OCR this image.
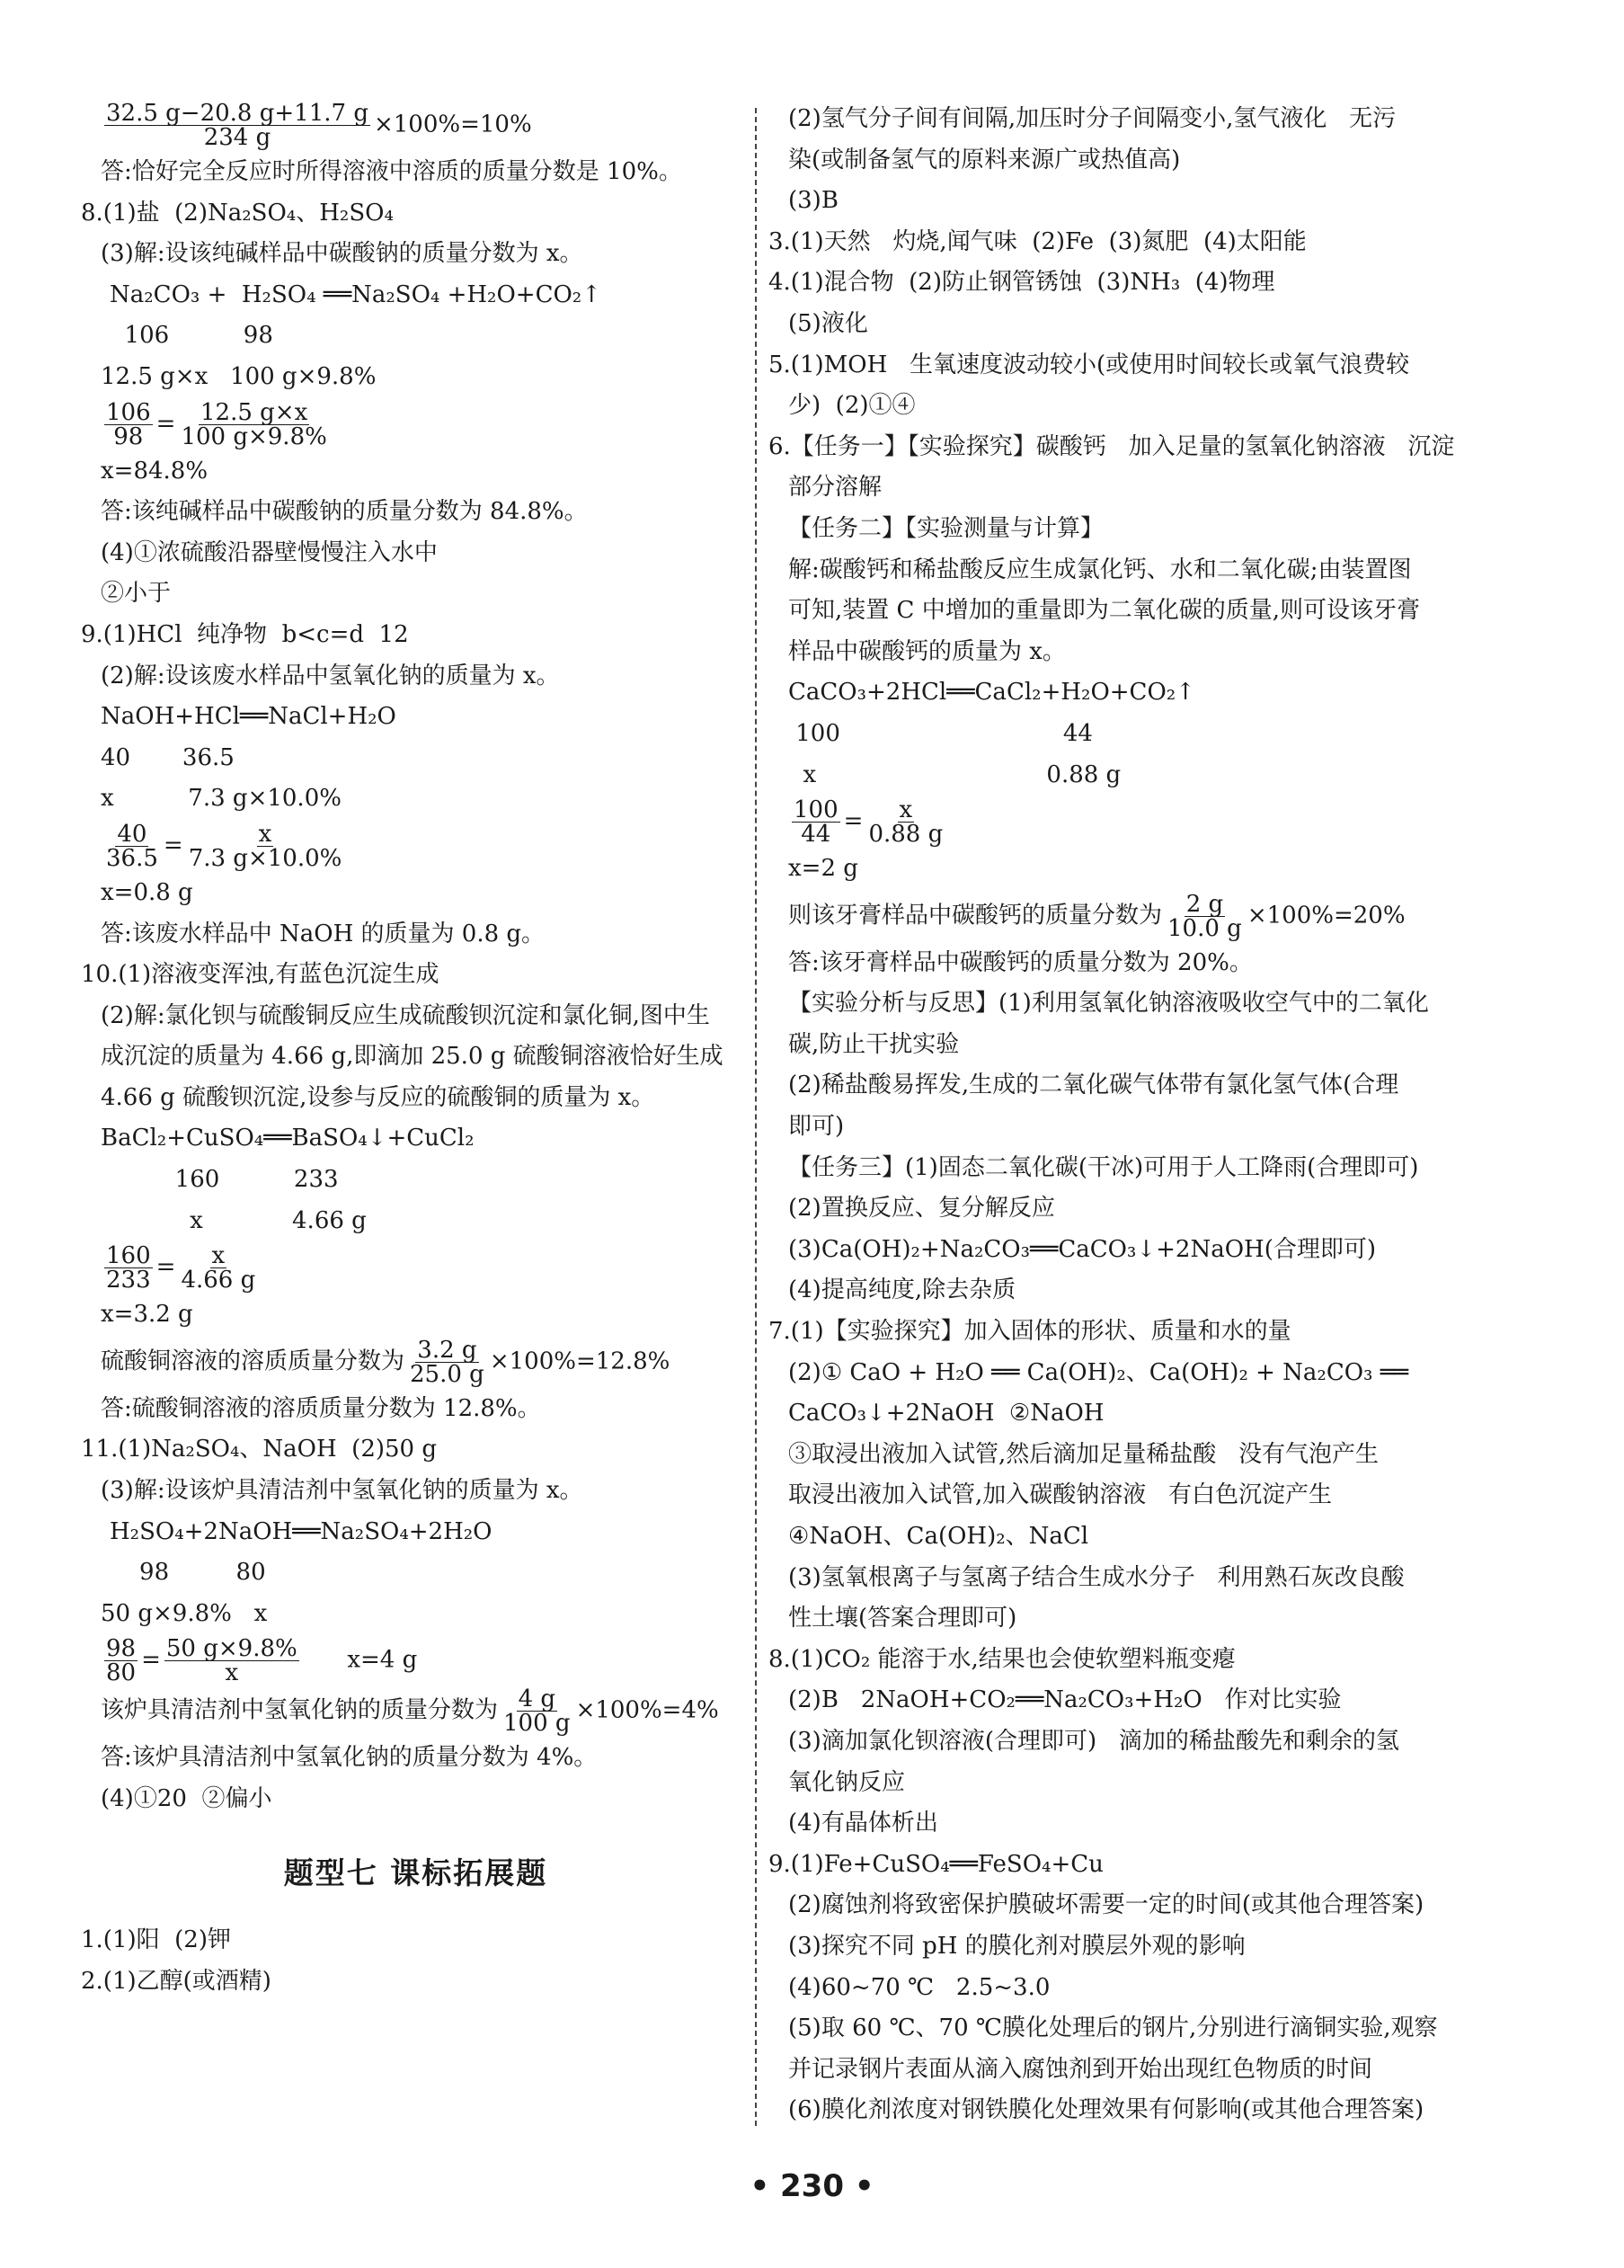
$\frac{32.5 g-20.8 g+11.7 g}{234 g} \times 100\%=10\%$
答:恰好完全反应时所得溶液中溶质的质量分数是 10%。
8.(1)盐  (2)Na₂SO₄、H₂SO₄
(3)解:设该纯碱样品中碳酸钠的质量分数为 x。
Na₂CO₃ +  H₂SO₄ ══Na₂SO₄ +H₂O+CO₂↑
106          98
12.5 g×x   100 g×9.8%
$\frac{106}{98} = \frac{12.5 g\times x}{100 g\times 9.8\%}$
x=84.8%
答:该纯碱样品中碳酸钠的质量分数为 84.8%。
(4)①浓硫酸沿器壁慢慢注入水中
②小于
9.(1)HCl  纯净物  b<c=d  12
(2)解:设该废水样品中氢氧化钠的质量为 x。
NaOH+HCl══NaCl+H₂O
40       36.5
x          7.3 g×10.0%
$\frac{40}{36.5} = \frac{x}{7.3 g\times 10.0\%}$
x=0.8 g
答:该废水样品中 NaOH 的质量为 0.8 g。
10.(1)溶液变浑浊,有蓝色沉淀生成
(2)解:氯化钡与硫酸铜反应生成硫酸钡沉淀和氯化铜,图中生
成沉淀的质量为 4.66 g,即滴加 25.0 g 硫酸铜溶液恰好生成
4.66 g 硫酸钡沉淀,设参与反应的硫酸铜的质量为 x。
BaCl₂+CuSO₄══BaSO₄↓+CuCl₂
160          233
x            4.66 g
$\frac{160}{233} = \frac{x}{4.66 g}$
x=3.2 g
硫酸铜溶液的溶质质量分数为 $\frac{3.2 g}{25.0 g} \times 100\%=12.8\%$
答:硫酸铜溶液的溶质质量分数为 12.8%。
11.(1)Na₂SO₄、NaOH  (2)50 g
(3)解:设该炉具清洁剂中氢氧化钠的质量为 x。
H₂SO₄+2NaOH══Na₂SO₄+2H₂O
98         80
50 g×9.8%   x
$\frac{98}{80} = \frac{50 g\times 9.8\%}{x} x=4$ g
该炉具清洁剂中氢氧化钠的质量分数为 $\frac{4 g}{100 g} \times 100\%=4\%$
答:该炉具清洁剂中氢氧化钠的质量分数为 4%。
(4)①20  ②偏小
题型七 课标拓展题
1.(1)阳  (2)钾
2.(1)乙醇(或酒精)
(2)氢气分子间有间隔,加压时分子间隔变小,氢气液化   无污
染(或制备氢气的原料来源广或热值高)
(3)B
3.(1)天然   灼烧,闻气味  (2)Fe  (3)氮肥  (4)太阳能
4.(1)混合物  (2)防止钢管锈蚀  (3)NH₃  (4)物理
(5)液化
5.(1)MOH   生氧速度波动较小(或使用时间较长或氧气浪费较
少)  (2)①④
6.【任务一】【实验探究】碳酸钙   加入足量的氢氧化钠溶液   沉淀
部分溶解
【任务二】【实验测量与计算】
解:碳酸钙和稀盐酸反应生成氯化钙、水和二氧化碳;由装置图
可知,装置 C 中增加的重量即为二氧化碳的质量,则可设该牙膏
样品中碳酸钙的质量为 x。
CaCO₃+2HCl══CaCl₂+H₂O+CO₂↑
100                              44
x                               0.88 g
$\frac{100}{44} = \frac{x}{0.88 g}$
x=2 g
则该牙膏样品中碳酸钙的质量分数为 $\frac{2 g}{10.0 g} \times 100\%=20\%$
答:该牙膏样品中碳酸钙的质量分数为 20%。
【实验分析与反思】(1)利用氢氧化钠溶液吸收空气中的二氧化
碳,防止干扰实验
(2)稀盐酸易挥发,生成的二氧化碳气体带有氯化氢气体(合理
即可)
【任务三】(1)固态二氧化碳(干冰)可用于人工降雨(合理即可)
(2)置换反应、复分解反应
(3)Ca(OH)₂+Na₂CO₃══CaCO₃↓+2NaOH(合理即可)
(4)提高纯度,除去杂质
7.(1)【实验探究】加入固体的形状、质量和水的量
(2)① CaO + H₂O ══ Ca(OH)₂、Ca(OH)₂ + Na₂CO₃ ══
CaCO₃↓+2NaOH  ②NaOH
③取浸出液加入试管,然后滴加足量稀盐酸   没有气泡产生
取浸出液加入试管,加入碳酸钠溶液   有白色沉淀产生
④NaOH、Ca(OH)₂、NaCl
(3)氢氧根离子与氢离子结合生成水分子   利用熟石灰改良酸
性土壤(答案合理即可)
8.(1)CO₂ 能溶于水,结果也会使软塑料瓶变瘪
(2)B   2NaOH+CO₂══Na₂CO₃+H₂O   作对比实验
(3)滴加氯化钡溶液(合理即可)   滴加的稀盐酸先和剩余的氢
氧化钠反应
(4)有晶体析出
9.(1)Fe+CuSO₄══FeSO₄+Cu
(2)腐蚀剂将致密保护膜破坏需要一定的时间(或其他合理答案)
(3)探究不同 pH 的膜化剂对膜层外观的影响
(4)60~70 ℃   2.5~3.0
(5)取 60 ℃、70 ℃膜化处理后的钢片,分别进行滴铜实验,观察
并记录钢片表面从滴入腐蚀剂到开始出现红色物质的时间
(6)膜化剂浓度对钢铁膜化处理效果有何影响(或其他合理答案)
• 230 •
